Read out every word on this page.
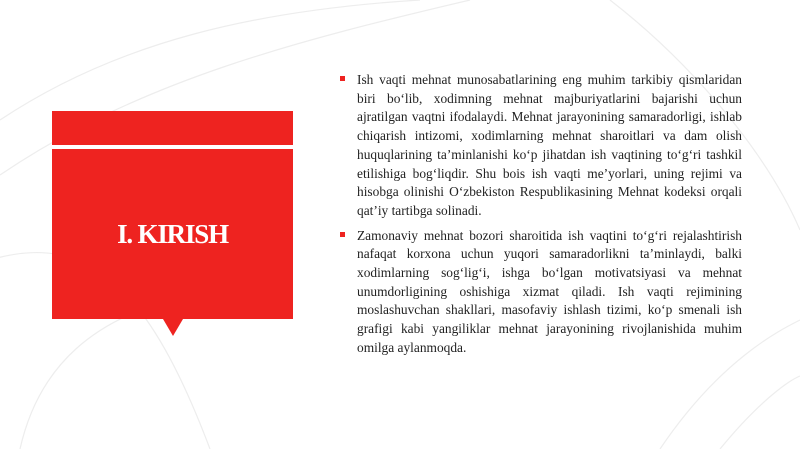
I. KIRISH

Ish vaqti mehnat munosabatlarining eng muhim tarkibiy qismlaridan biri bo‘lib, xodimning mehnat majburiyatlarini bajarishi uchun ajratilgan vaqtni ifodalaydi. Mehnat jarayonining samaradorligi, ishlab chiqarish intizomi, xodimlarning mehnat sharoitlari va dam olish huquqlarining ta’minlanishi ko‘p jihatdan ish vaqtining to‘g‘ri tashkil etilishiga bog‘liqdir. Shu bois ish vaqti me’yorlari, uning rejimi va hisobga olinishi O‘zbekiston Respublikasining Mehnat kodeksi orqali qat’iy tartibga solinadi.

Zamonaviy mehnat bozori sharoitida ish vaqtini to‘g‘ri rejalashtirish nafaqat korxona uchun yuqori samaradorlikni ta’minlaydi, balki xodimlarning sog‘lig‘i, ishga bo‘lgan motivatsiyasi va mehnat unumdorligining oshishiga xizmat qiladi. Ish vaqti rejimining moslashuvchan shakllari, masofaviy ishlash tizimi, ko‘p smenali ish grafigi kabi yangiliklar mehnat jarayonining rivojlanishida muhim omilga aylanmoqda.
